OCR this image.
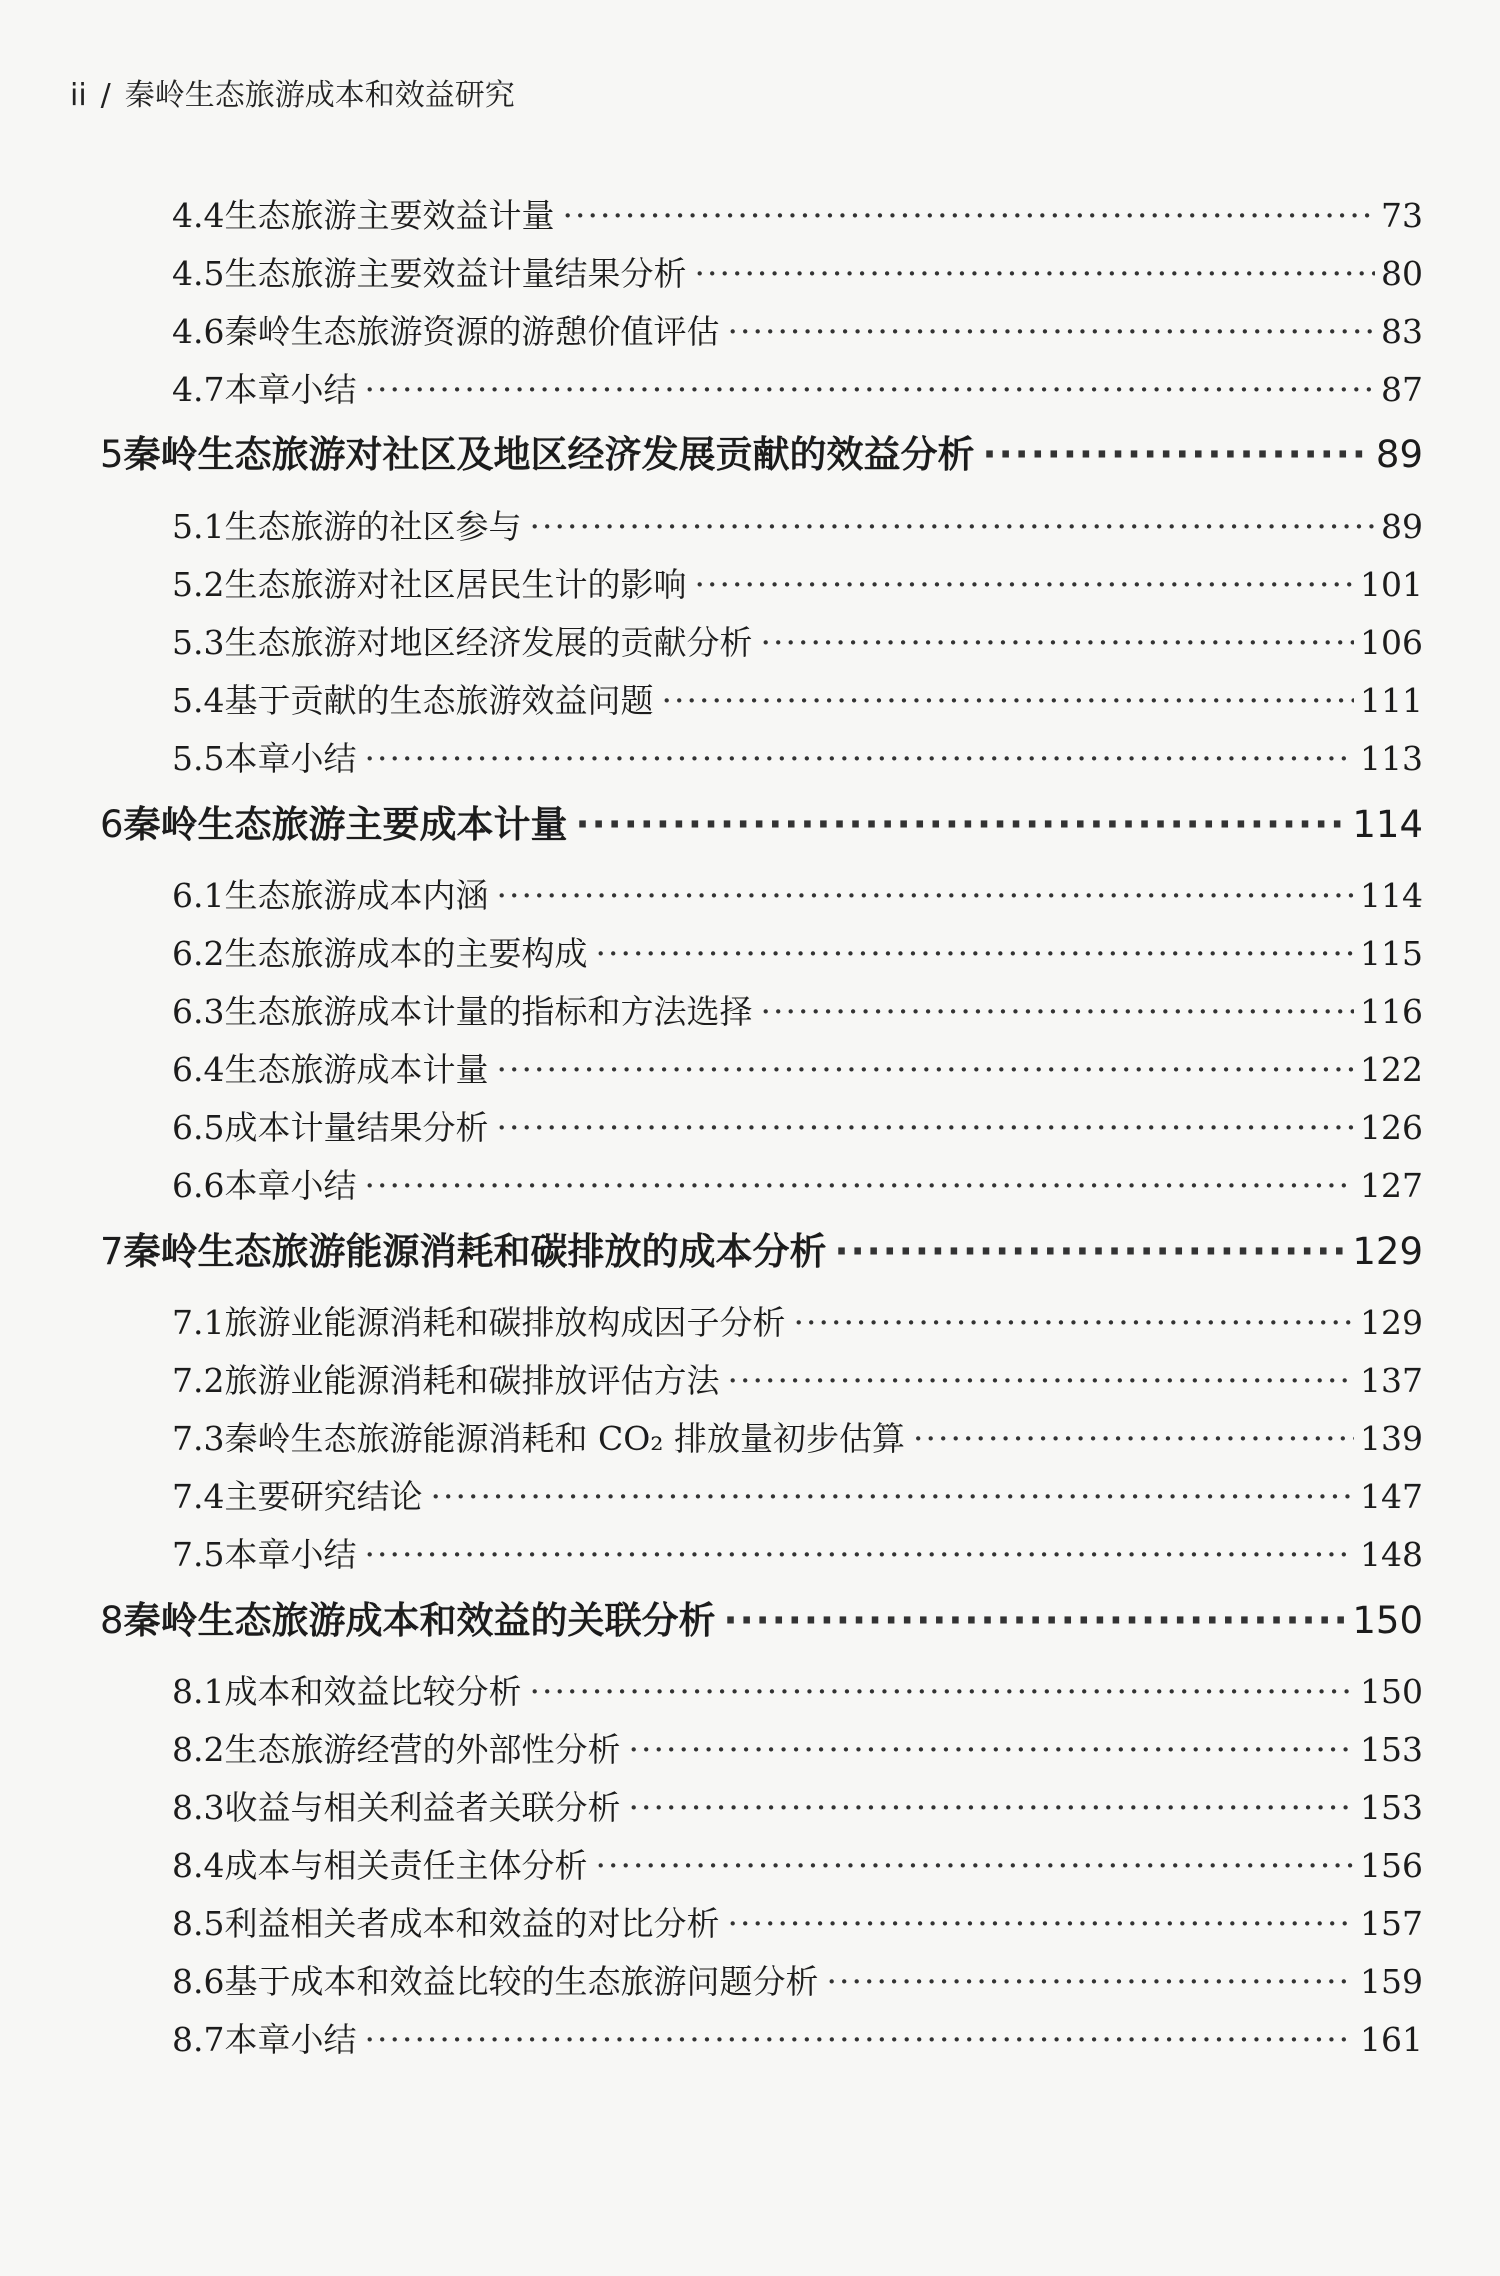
ii / 秦岭生态旅游成本和效益研究
4.4 生态旅游主要效益计量 ·····	73
4.5 生态旅游主要效益计量结果分析 ·····	80
4.6 秦岭生态旅游资源的游憩价值评估 ·····	83
4.7 本章小结 ·····	87
5 秦岭生态旅游对社区及地区经济发展贡献的效益分析 ·····	89
5.1 生态旅游的社区参与 ·····	89
5.2 生态旅游对社区居民生计的影响 ·····	101
5.3 生态旅游对地区经济发展的贡献分析 ·····	106
5.4 基于贡献的生态旅游效益问题 ·····	111
5.5 本章小结 ·····	113
6 秦岭生态旅游主要成本计量 ·····	114
6.1 生态旅游成本内涵 ·····	114
6.2 生态旅游成本的主要构成 ·····	115
6.3 生态旅游成本计量的指标和方法选择 ·····	116
6.4 生态旅游成本计量 ·····	122
6.5 成本计量结果分析 ·····	126
6.6 本章小结 ·····	127
7 秦岭生态旅游能源消耗和碳排放的成本分析 ·····	129
7.1 旅游业能源消耗和碳排放构成因子分析 ·····	129
7.2 旅游业能源消耗和碳排放评估方法 ·····	137
7.3 秦岭生态旅游能源消耗和 CO₂ 排放量初步估算 ·····	139
7.4 主要研究结论 ·····	147
7.5 本章小结 ·····	148
8 秦岭生态旅游成本和效益的关联分析 ·····	150
8.1 成本和效益比较分析 ·····	150
8.2 生态旅游经营的外部性分析 ·····	153
8.3 收益与相关利益者关联分析 ·····	153
8.4 成本与相关责任主体分析 ·····	156
8.5 利益相关者成本和效益的对比分析 ·····	157
8.6 基于成本和效益比较的生态旅游问题分析 ·····	159
8.7 本章小结 ·····	161
